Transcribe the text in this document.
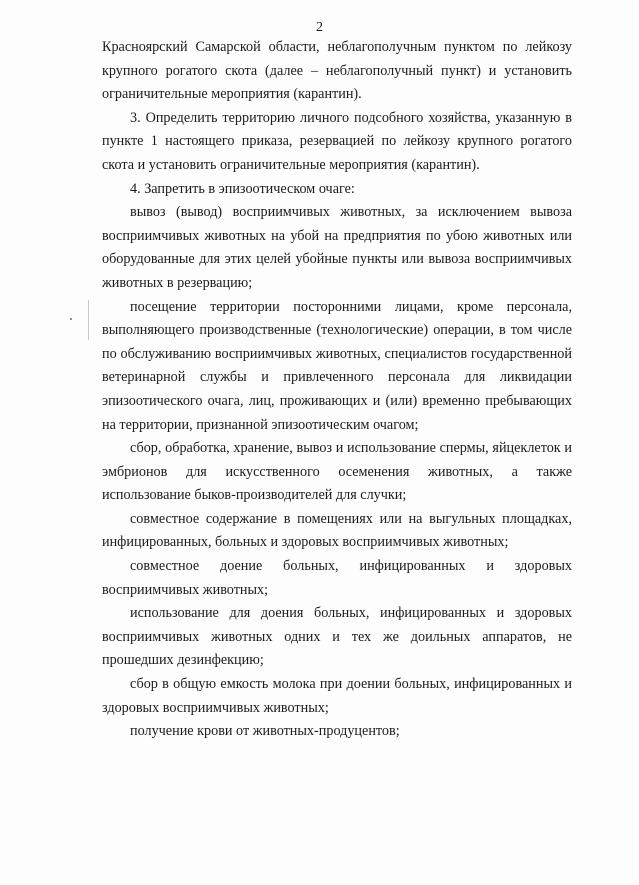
2

Красноярский Самарской области, неблагополучным пунктом по лейкозу крупного рогатого скота (далее – неблагополучный пункт) и установить ограничительные мероприятия (карантин).

3. Определить территорию личного подсобного хозяйства, указанную в пункте 1 настоящего приказа, резервацией по лейкозу крупного рогатого скота и установить ограничительные мероприятия (карантин).

4. Запретить в эпизоотическом очаге:

вывоз (вывод) восприимчивых животных, за исключением вывоза восприимчивых животных на убой на предприятия по убою животных или оборудованные для этих целей убойные пункты или вывоза восприимчивых животных в резервацию;

посещение территории посторонними лицами, кроме персонала, выполняющего производственные (технологические) операции, в том числе по обслуживанию восприимчивых животных, специалистов государственной ветеринарной службы и привлеченного персонала для ликвидации эпизоотического очага, лиц, проживающих и (или) временно пребывающих на территории, признанной эпизоотическим очагом;

сбор, обработка, хранение, вывоз и использование спермы, яйцеклеток и эмбрионов для искусственного осеменения животных, а также использование быков-производителей для случки;

совместное содержание в помещениях или на выгульных площадках, инфицированных, больных и здоровых восприимчивых животных;

совместное доение больных, инфицированных и здоровых восприимчивых животных;

использование для доения больных, инфицированных и здоровых восприимчивых животных одних и тех же доильных аппаратов, не прошедших дезинфекцию;

сбор в общую емкость молока при доении больных, инфицированных и здоровых восприимчивых животных;

получение крови от животных-продуцентов;
